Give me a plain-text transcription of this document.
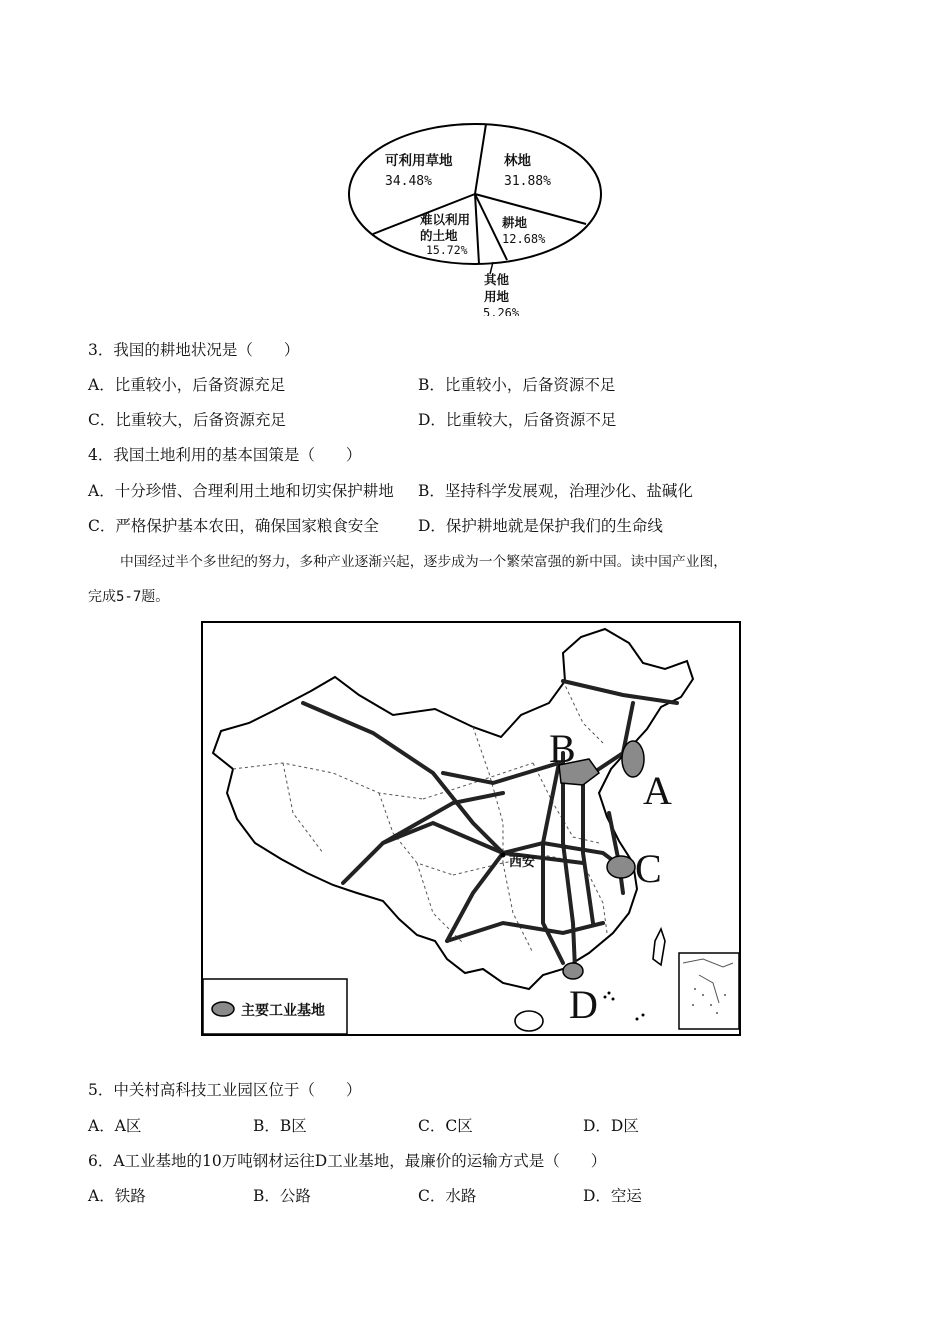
可利用草地
34.48%
林地
31.88%
耕地
12.68%
难以利用
的土地
15.72%
其他
用地
5.26%
3．我国的耕地状况是（　　）
A．比重较小，后备资源充足	B．比重较小，后备资源不足
C．比重较大，后备资源充足	D．比重较大，后备资源不足
4．我国土地利用的基本国策是（　　）
A．十分珍惜、合理利用土地和切实保护耕地 B．坚持科学发展观，治理沙化、盐碱化
C．严格保护基本农田，确保国家粮食安全	D．保护耕地就是保护我们的生命线
中国经过半个多世纪的努力，多种产业逐渐兴起，逐步成为一个繁荣富强的新中国。读中国产业图，
完成5-7题。
西安
A
B
C
D
主要工业基地
5．中关村高科技工业园区位于（　　）
A．A区	B．B区	C．C区	D．D区
6．A工业基地的10万吨钢材运往D工业基地，最廉价的运输方式是（　　）
A．铁路	B．公路	C．水路	D．空运
